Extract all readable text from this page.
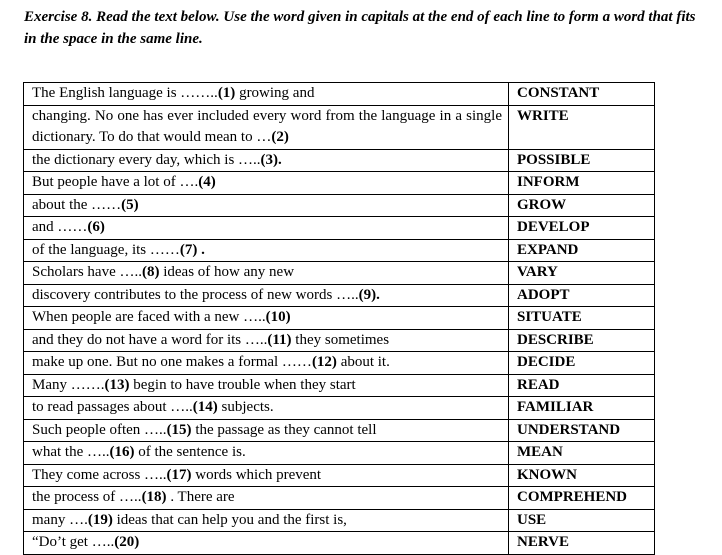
Exercise 8. Read the text below. Use the word given in capitals at the end of each line to form a word that fits in the space in the same line.
The English language is ……..(1) growing and	CONSTANT
changing. No one has ever included every word from the language in a single dictionary. To do that would mean to …(2)	WRITE
the dictionary every day, which is …..(3).	POSSIBLE
But people have a lot of ….(4)	INFORM
about the ……(5)	GROW
and ……(6)	DEVELOP
of the language, its ……(7) .	EXPAND
Scholars have …..(8) ideas of how any new	VARY
discovery contributes to the process of new words …..(9).	ADOPT
When people are faced with a new …..(10)	SITUATE
and they do not have a word for its …..(11) they sometimes	DESCRIBE
make up one. But no one makes a formal ……(12) about it.	DECIDE
Many …….(13) begin to have trouble when they start	READ
to read passages about …..(14) subjects.	FAMILIAR
Such people often …..(15) the passage as they cannot tell	UNDERSTAND
what the …..(16) of the sentence is.	MEAN
They come across …..(17) words which prevent	KNOWN
the process of …..(18) . There are	COMPREHEND
many ….(19) ideas that can help you and the first is,	USE
“Do’t get …..(20)	NERVE
